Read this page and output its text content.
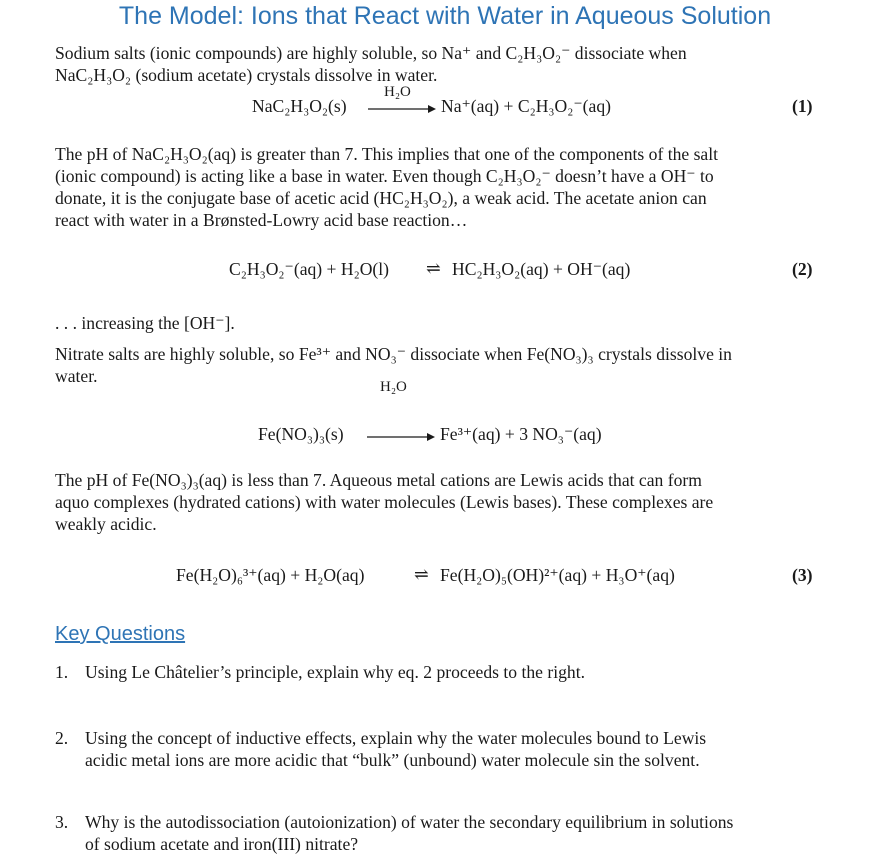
The Model: Ions that React with Water in Aqueous Solution
Sodium salts (ionic compounds) are highly soluble, so Na⁺ and C₂H₃O₂⁻ dissociate when
NaC₂H₃O₂ (sodium acetate) crystals dissolve in water.
NaC₂H₃O₂(s)
H₂O
Na⁺(aq) + C₂H₃O₂⁻(aq)	(1)
The pH of NaC₂H₃O₂(aq) is greater than 7. This implies that one of the components of the salt
(ionic compound) is acting like a base in water. Even though C₂H₃O₂⁻ doesn’t have a OH⁻ to
donate, it is the conjugate base of acetic acid (HC₂H₃O₂), a weak acid. The acetate anion can
react with water in a Brønsted-Lowry acid base reaction…
C₂H₃O₂⁻(aq) + H₂O(l) ⇌ HC₂H₃O₂(aq) + OH⁻(aq)	(2)
. . . increasing the [OH⁻].
Nitrate salts are highly soluble, so Fe³⁺ and NO₃⁻ dissociate when Fe(NO₃)₃ crystals dissolve in
water.
H₂O
Fe(NO₃)₃(s)	Fe³⁺(aq) + 3 NO₃⁻(aq)
The pH of Fe(NO₃)₃(aq) is less than 7. Aqueous metal cations are Lewis acids that can form
aquo complexes (hydrated cations) with water molecules (Lewis bases). These complexes are
weakly acidic.
Fe(H₂O)₆³⁺(aq) + H₂O(aq)	⇌ Fe(H₂O)₅(OH)²⁺(aq) + H₃O⁺(aq)	(3)
Key Questions
1. Using Le Châtelier’s principle, explain why eq. 2 proceeds to the right.
2. Using the concept of inductive effects, explain why the water molecules bound to Lewis
acidic metal ions are more acidic that “bulk” (unbound) water molecule sin the solvent.
3. Why is the autodissociation (autoionization) of water the secondary equilibrium in solutions
of sodium acetate and iron(III) nitrate?
